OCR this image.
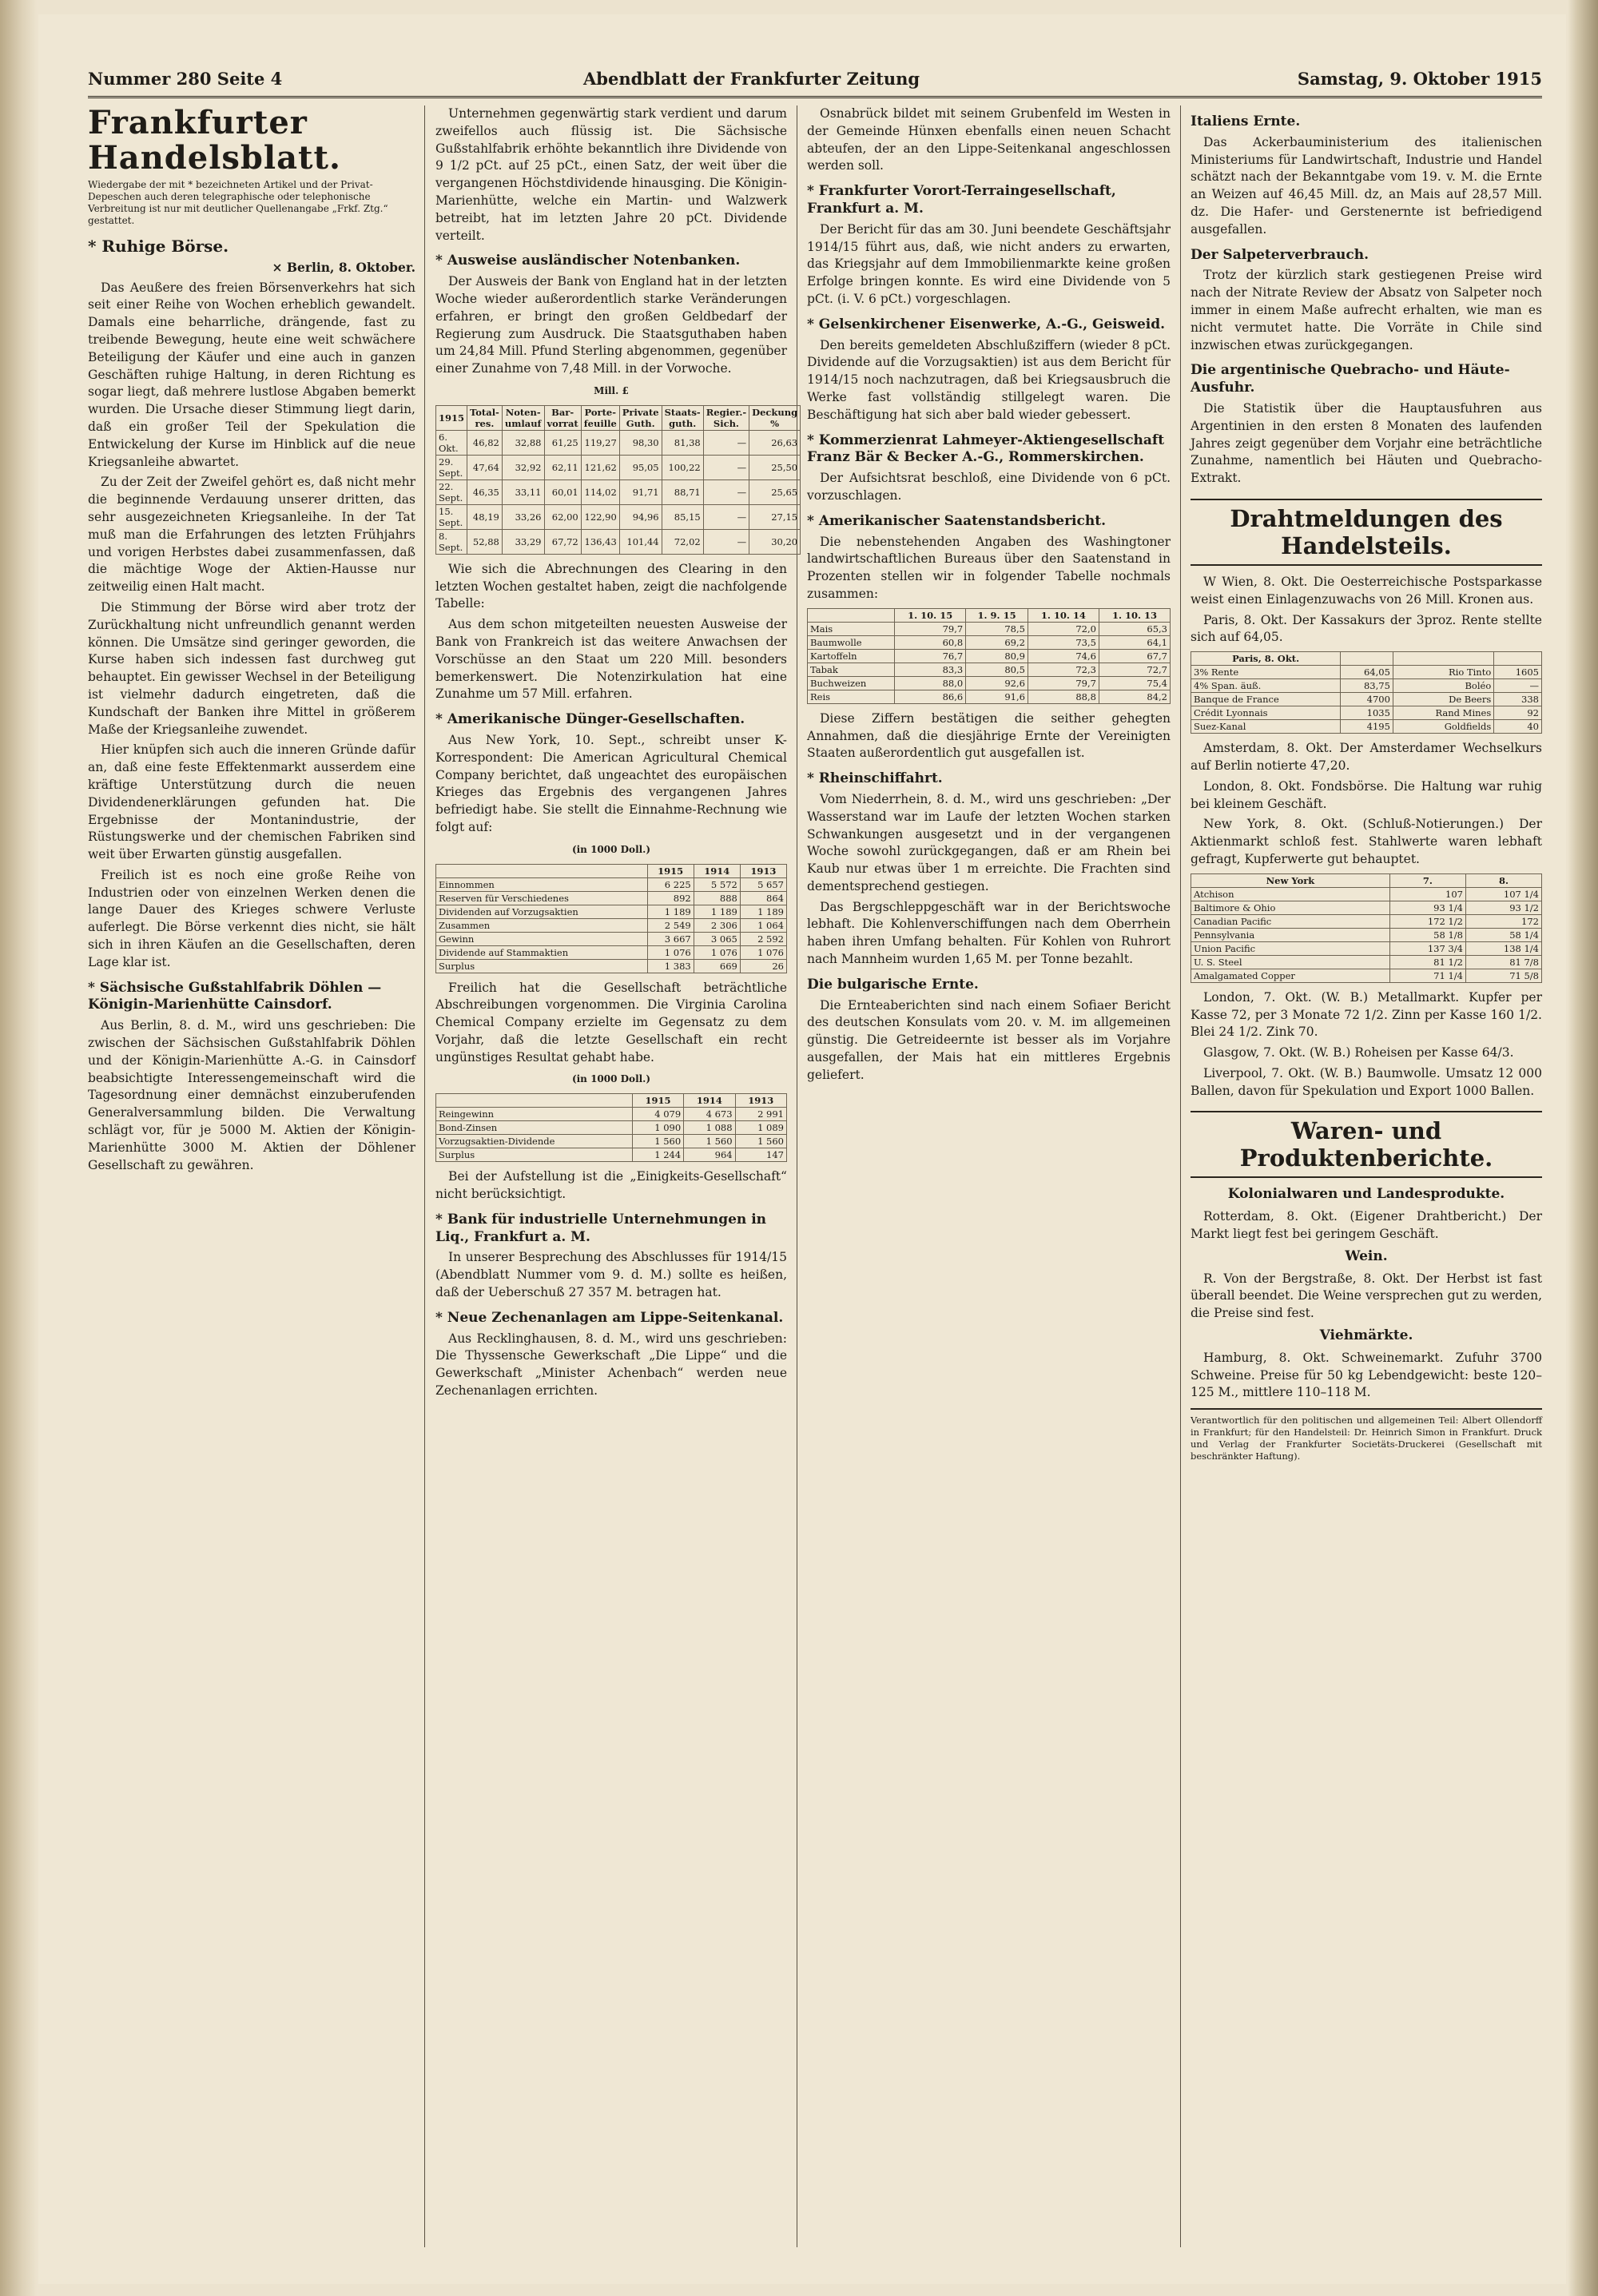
Nummer 280 Seite 4	Abendblatt der Frankfurter Zeitung	Samstag, 9. Oktober 1915
Frankfurter Handelsblatt.
Wiedergabe der mit * bezeichneten Artikel und der Privat-Depeschen auch deren telegraphische oder telephonische Verbreitung ist nur mit deutlicher Quellenangabe „Frkf. Ztg.“ gestattet.
* Ruhige Börse.
× Berlin, 8. Oktober.

Das Aeußere des freien Börsenverkehrs hat sich seit einer Reihe von Wochen erheblich gewandelt. Damals eine beharrliche, drängende, fast zu treibende Bewegung, heute eine weit schwächere Beteiligung der Käufer und eine auch in ganzen Geschäften ruhige Haltung, in deren Richtung es sogar liegt, daß mehrere lustlose Abgaben bemerkt wurden. Die Ursache dieser Stimmung liegt darin, daß ein großer Teil der Spekulation die Entwickelung der Kurse im Hinblick auf die neue Kriegsanleihe abwartet.

Zu der Zeit der Zweifel gehört es, daß nicht mehr die beginnende Verdauung unserer dritten, das sehr ausgezeichneten Kriegsanleihe. In der Tat muß man die Erfahrungen des letzten Frühjahrs und vorigen Herbstes dabei zusammenfassen, daß die mächtige Woge der Aktien-Hausse nur zeitweilig einen Halt macht.

Die Stimmung der Börse wird aber trotz der Zurückhaltung nicht unfreundlich genannt werden können. Die Umsätze sind geringer geworden, die Kurse haben sich indessen fast durchweg gut behauptet. Ein gewisser Wechsel in der Beteiligung ist vielmehr dadurch eingetreten, daß die Kundschaft der Banken ihre Mittel in größerem Maße der Kriegsanleihe zuwendet.

Hier knüpfen sich auch die inneren Gründe dafür an, daß eine feste Effektenmarkt ausserdem eine kräftige Unterstützung durch die neuen Dividendenerklärungen gefunden hat. Die Ergebnisse der Montanindustrie, der Rüstungswerke und der chemischen Fabriken sind weit über Erwarten günstig ausgefallen.

Freilich ist es noch eine große Reihe von Industrien oder von einzelnen Werken denen die lange Dauer des Krieges schwere Verluste auferlegt. Die Börse verkennt dies nicht, sie hält sich in ihren Käufen an die Gesellschaften, deren Lage klar ist.

* Sächsische Gußstahlfabrik Döhlen — Königin-Marienhütte Cainsdorf.

Aus Berlin, 8. d. M., wird uns geschrieben: Die zwischen der Sächsischen Gußstahlfabrik Döhlen und der Königin-Marienhütte A.-G. in Cainsdorf beabsichtigte Interessengemeinschaft wird die Tagesordnung einer demnächst einzuberufenden Generalversammlung bilden. Die Verwaltung schlägt vor, für je 5000 M. Aktien der Königin-Marienhütte 3000 M. Aktien der Döhlener Gesellschaft zu gewähren.

Unternehmen gegenwärtig stark verdient und darum zweifellos auch flüssig ist. Die Sächsische Gußstahlfabrik erhöhte bekanntlich ihre Dividende von 9 1/2 pCt. auf 25 pCt., einen Satz, der weit über die vergangenen Höchstdividende hinausging. Die Königin-Marienhütte, welche ein Martin- und Walzwerk betreibt, hat im letzten Jahre 20 pCt. Dividende verteilt.

* Ausweise ausländischer Notenbanken.

Der Ausweis der Bank von England hat in der letzten Woche wieder außerordentlich starke Veränderungen erfahren, er bringt den großen Geldbedarf der Regierung zum Ausdruck. Die Staatsguthaben haben um 24,84 Mill. Pfund Sterling abgenommen, gegenüber einer Zunahme von 7,48 Mill. in der Vorwoche.

Mill. £
1915	Total-res.	Noten-umlauf	Bar-vorrat	Porte-feuille	Private Guth.	Staats-guth.	Regier.-Sich.	Deckung %
6. Okt.	46,82	32,88	61,25	119,27	98,30	81,38	—	26,63
29. Sept.	47,64	32,92	62,11	121,62	95,05	100,22	—	25,50
22. Sept.	46,35	33,11	60,01	114,02	91,71	88,71	—	25,65
15. Sept.	48,19	33,26	62,00	122,90	94,96	85,15	—	27,15
8. Sept.	52,88	33,29	67,72	136,43	101,44	72,02	—	30,20

Wie sich die Abrechnungen des Clearing in den letzten Wochen gestaltet haben, zeigt die nachfolgende Tabelle:

Aus dem schon mitgeteilten neuesten Ausweise der Bank von Frankreich ist das weitere Anwachsen der Vorschüsse an den Staat um 220 Mill. besonders bemerkenswert. Die Notenzirkulation hat eine Zunahme um 57 Mill. erfahren.

* Amerikanische Dünger-Gesellschaften.

Aus New York, 10. Sept., schreibt unser K-Korrespondent: Die American Agricultural Chemical Company berichtet, daß ungeachtet des europäischen Krieges das Ergebnis des vergangenen Jahres befriedigt habe. Sie stellt die Einnahme-Rechnung wie folgt auf:

(in 1000 Doll.)
	1915	1914	1913
Einnommen	6 225	5 572	5 657
Reserven für Verschiedenes	892	888	864
Dividenden auf Vorzugsaktien	1 189	1 189	1 189
Zusammen	2 549	2 306	1 064
Gewinn	3 667	3 065	2 592
Dividende auf Stammaktien	1 076	1 076	1 076
Surplus	1 383	669	26

Freilich hat die Gesellschaft beträchtliche Abschreibungen vorgenommen. Die Virginia Carolina Chemical Company erzielte im Gegensatz zu dem Vorjahr, daß die letzte Gesellschaft ein recht ungünstiges Resultat gehabt habe.

(in 1000 Doll.)
	1915	1914	1913
Reingewinn	4 079	4 673	2 991
Bond-Zinsen	1 090	1 088	1 089
Vorzugsaktien-Dividende	1 560	1 560	1 560
Surplus	1 244	964	147

Bei der Aufstellung ist die „Einigkeits-Gesellschaft“ nicht berücksichtigt.

* Bank für industrielle Unternehmungen in Liq., Frankfurt a. M.

In unserer Besprechung des Abschlusses für 1914/15 (Abendblatt Nummer vom 9. d. M.) sollte es heißen, daß der Ueberschuß 27 357 M. betragen hat.

* Neue Zechenanlagen am Lippe-Seitenkanal.

Aus Recklinghausen, 8. d. M., wird uns geschrieben: Die Thyssensche Gewerkschaft „Die Lippe“ und die Gewerkschaft „Minister Achenbach“ werden neue Zechenanlagen errichten.

Osnabrück bildet mit seinem Grubenfeld im Westen in der Gemeinde Hünxen ebenfalls einen neuen Schacht abteufen, der an den Lippe-Seitenkanal angeschlossen werden soll.

* Frankfurter Vorort-Terraingesellschaft, Frankfurt a. M.

Der Bericht für das am 30. Juni beendete Geschäftsjahr 1914/15 führt aus, daß, wie nicht anders zu erwarten, das Kriegsjahr auf dem Immobilienmarkte keine großen Erfolge bringen konnte. Es wird eine Dividende von 5 pCt. (i. V. 6 pCt.) vorgeschlagen.

* Gelsenkirchener Eisenwerke, A.-G., Geisweid.

Den bereits gemeldeten Abschlußziffern (wieder 8 pCt. Dividende auf die Vorzugsaktien) ist aus dem Bericht für 1914/15 noch nachzutragen, daß bei Kriegsausbruch die Werke fast vollständig stillgelegt waren. Die Beschäftigung hat sich aber bald wieder gebessert.

* Kommerzienrat Lahmeyer-Aktiengesellschaft Franz Bär & Becker A.-G., Rommerskirchen.

Der Aufsichtsrat beschloß, eine Dividende von 6 pCt. vorzuschlagen.

* Amerikanischer Saatenstandsbericht.

Die nebenstehenden Angaben des Washingtoner landwirtschaftlichen Bureaus über den Saatenstand in Prozenten stellen wir in folgender Tabelle nochmals zusammen:

	1. 10. 15	1. 9. 15	1. 10. 14	1. 10. 13
Mais	79,7	78,5	72,0	65,3
Baumwolle	60,8	69,2	73,5	64,1
Kartoffeln	76,7	80,9	74,6	67,7
Tabak	83,3	80,5	72,3	72,7
Buchweizen	88,0	92,6	79,7	75,4
Reis	86,6	91,6	88,8	84,2

Diese Ziffern bestätigen die seither gehegten Annahmen, daß die diesjährige Ernte der Vereinigten Staaten außerordentlich gut ausgefallen ist.

* Rheinschiffahrt.

Vom Niederrhein, 8. d. M., wird uns geschrieben: „Der Wasserstand war im Laufe der letzten Wochen starken Schwankungen ausgesetzt und in der vergangenen Woche sowohl zurückgegangen, daß er am Rhein bei Kaub nur etwas über 1 m erreichte. Die Frachten sind dementsprechend gestiegen.

Das Bergschleppgeschäft war in der Berichtswoche lebhaft. Die Kohlenverschiffungen nach dem Oberrhein haben ihren Umfang behalten. Für Kohlen von Ruhrort nach Mannheim wurden 1,65 M. per Tonne bezahlt.

Die bulgarische Ernte.

Die Ernteaberichten sind nach einem Sofiaer Bericht des deutschen Konsulats vom 20. v. M. im allgemeinen günstig. Die Getreideernte ist besser als im Vorjahre ausgefallen, der Mais hat ein mittleres Ergebnis geliefert.

Italiens Ernte.

Das Ackerbauministerium des italienischen Ministeriums für Landwirtschaft, Industrie und Handel schätzt nach der Bekanntgabe vom 19. v. M. die Ernte an Weizen auf 46,45 Mill. dz, an Mais auf 28,57 Mill. dz. Die Hafer- und Gerstenernte ist befriedigend ausgefallen.

Der Salpeterverbrauch.

Trotz der kürzlich stark gestiegenen Preise wird nach der Nitrate Review der Absatz von Salpeter noch immer in einem Maße aufrecht erhalten, wie man es nicht vermutet hatte. Die Vorräte in Chile sind inzwischen etwas zurückgegangen.

Die argentinische Quebracho- und Häute-Ausfuhr.

Die Statistik über die Hauptausfuhren aus Argentinien in den ersten 8 Monaten des laufenden Jahres zeigt gegenüber dem Vorjahr eine beträchtliche Zunahme, namentlich bei Häuten und Quebracho-Extrakt.

Drahtmeldungen des Handelsteils.

W Wien, 8. Okt. Die Oesterreichische Postsparkasse weist einen Einlagenzuwachs von 26 Mill. Kronen aus.

Paris, 8. Okt. Der Kassakurs der 3proz. Rente stellte sich auf 64,05.

Paris, 8. Okt.			
3% Rente	64,05	Rio Tinto	1605
4% Span. äuß.	83,75	Boléo	—
Banque de France	4700	De Beers	338
Crédit Lyonnais	1035	Rand Mines	92
Suez-Kanal	4195	Goldfields	40

Amsterdam, 8. Okt. Der Amsterdamer Wechselkurs auf Berlin notierte 47,20.

London, 8. Okt. Fondsbörse. Die Haltung war ruhig bei kleinem Geschäft.

New York, 8. Okt. (Schluß-Notierungen.) Der Aktienmarkt schloß fest. Stahlwerte waren lebhaft gefragt, Kupferwerte gut behauptet.

New York	7.	8.
Atchison	107	107 1/4
Baltimore & Ohio	93 1/4	93 1/2
Canadian Pacific	172 1/2	172
Pennsylvania	58 1/8	58 1/4
Union Pacific	137 3/4	138 1/4
U. S. Steel	81 1/2	81 7/8
Amalgamated Copper	71 1/4	71 5/8

London, 7. Okt. (W. B.) Metallmarkt. Kupfer per Kasse 72, per 3 Monate 72 1/2. Zinn per Kasse 160 1/2. Blei 24 1/2. Zink 70.

Glasgow, 7. Okt. (W. B.) Roheisen per Kasse 64/3.

Liverpool, 7. Okt. (W. B.) Baumwolle. Umsatz 12 000 Ballen, davon für Spekulation und Export 1000 Ballen.

Waren- und Produktenberichte.
Kolonialwaren und Landesprodukte.

Rotterdam, 8. Okt. (Eigener Drahtbericht.) Der Markt liegt fest bei geringem Geschäft.

Wein.

R. Von der Bergstraße, 8. Okt. Der Herbst ist fast überall beendet. Die Weine versprechen gut zu werden, die Preise sind fest.

Viehmärkte.

Hamburg, 8. Okt. Schweinemarkt. Zufuhr 3700 Schweine. Preise für 50 kg Lebendgewicht: beste 120–125 M., mittlere 110–118 M.

Verantwortlich für den politischen und allgemeinen Teil: Albert Ollendorff in Frankfurt; für den Handelsteil: Dr. Heinrich Simon in Frankfurt. Druck und Verlag der Frankfurter Societäts-Druckerei (Gesellschaft mit beschränkter Haftung).
